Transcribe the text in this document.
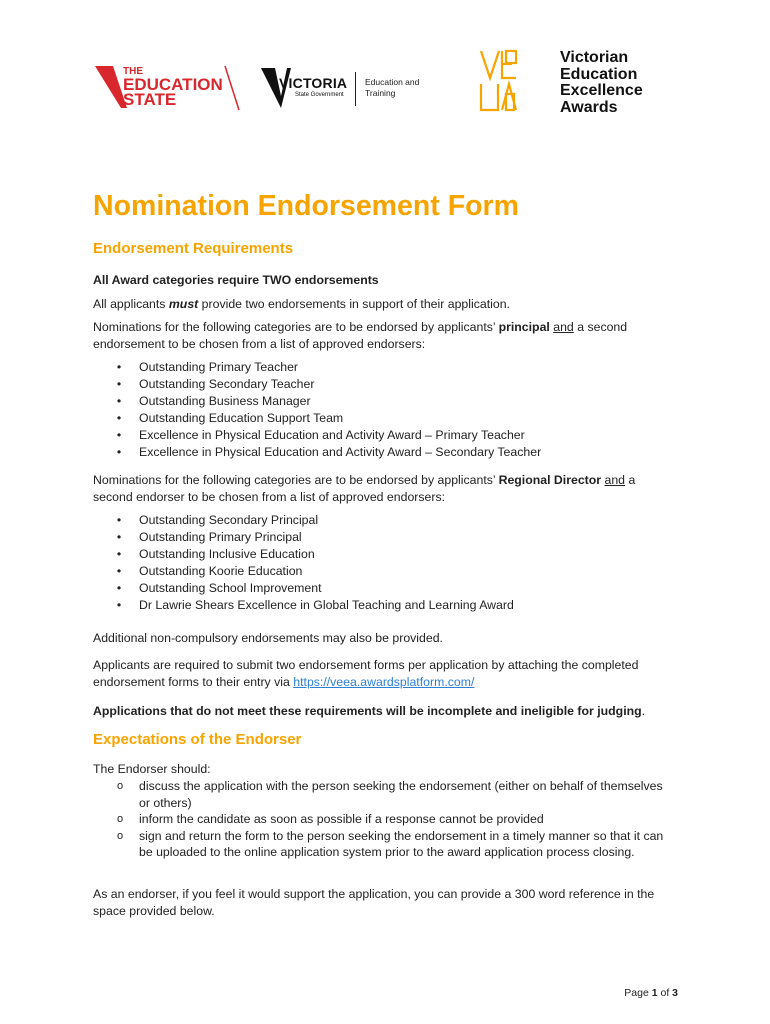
THE
EDUCATION
STATE
VICTORIA
State Government
Education and Training
Victorian
Education
Excellence
Awards
Nomination Endorsement Form
Endorsement Requirements

All Award categories require TWO endorsements

All applicants must provide two endorsements in support of their application.

Nominations for the following categories are to be endorsed by applicants’ principal and a second endorsement to be chosen from a list of approved endorsers:

• Outstanding Primary Teacher
• Outstanding Secondary Teacher
• Outstanding Business Manager
• Outstanding Education Support Team
• Excellence in Physical Education and Activity Award – Primary Teacher
• Excellence in Physical Education and Activity Award – Secondary Teacher

Nominations for the following categories are to be endorsed by applicants’ Regional Director and a second endorser to be chosen from a list of approved endorsers:

• Outstanding Secondary Principal
• Outstanding Primary Principal
• Outstanding Inclusive Education
• Outstanding Koorie Education
• Outstanding School Improvement
• Dr Lawrie Shears Excellence in Global Teaching and Learning Award

Additional non-compulsory endorsements may also be provided.

Applicants are required to submit two endorsement forms per application by attaching the completed endorsement forms to their entry via https://veea.awardsplatform.com/

Applications that do not meet these requirements will be incomplete and ineligible for judging.

Expectations of the Endorser

The Endorser should:

o discuss the application with the person seeking the endorsement (either on behalf of themselves or others)
o inform the candidate as soon as possible if a response cannot be provided
o sign and return the form to the person seeking the endorsement in a timely manner so that it can be uploaded to the online application system prior to the award application process closing.

As an endorser, if you feel it would support the application, you can provide a 300 word reference in the space provided below.

Page 1 of 3
